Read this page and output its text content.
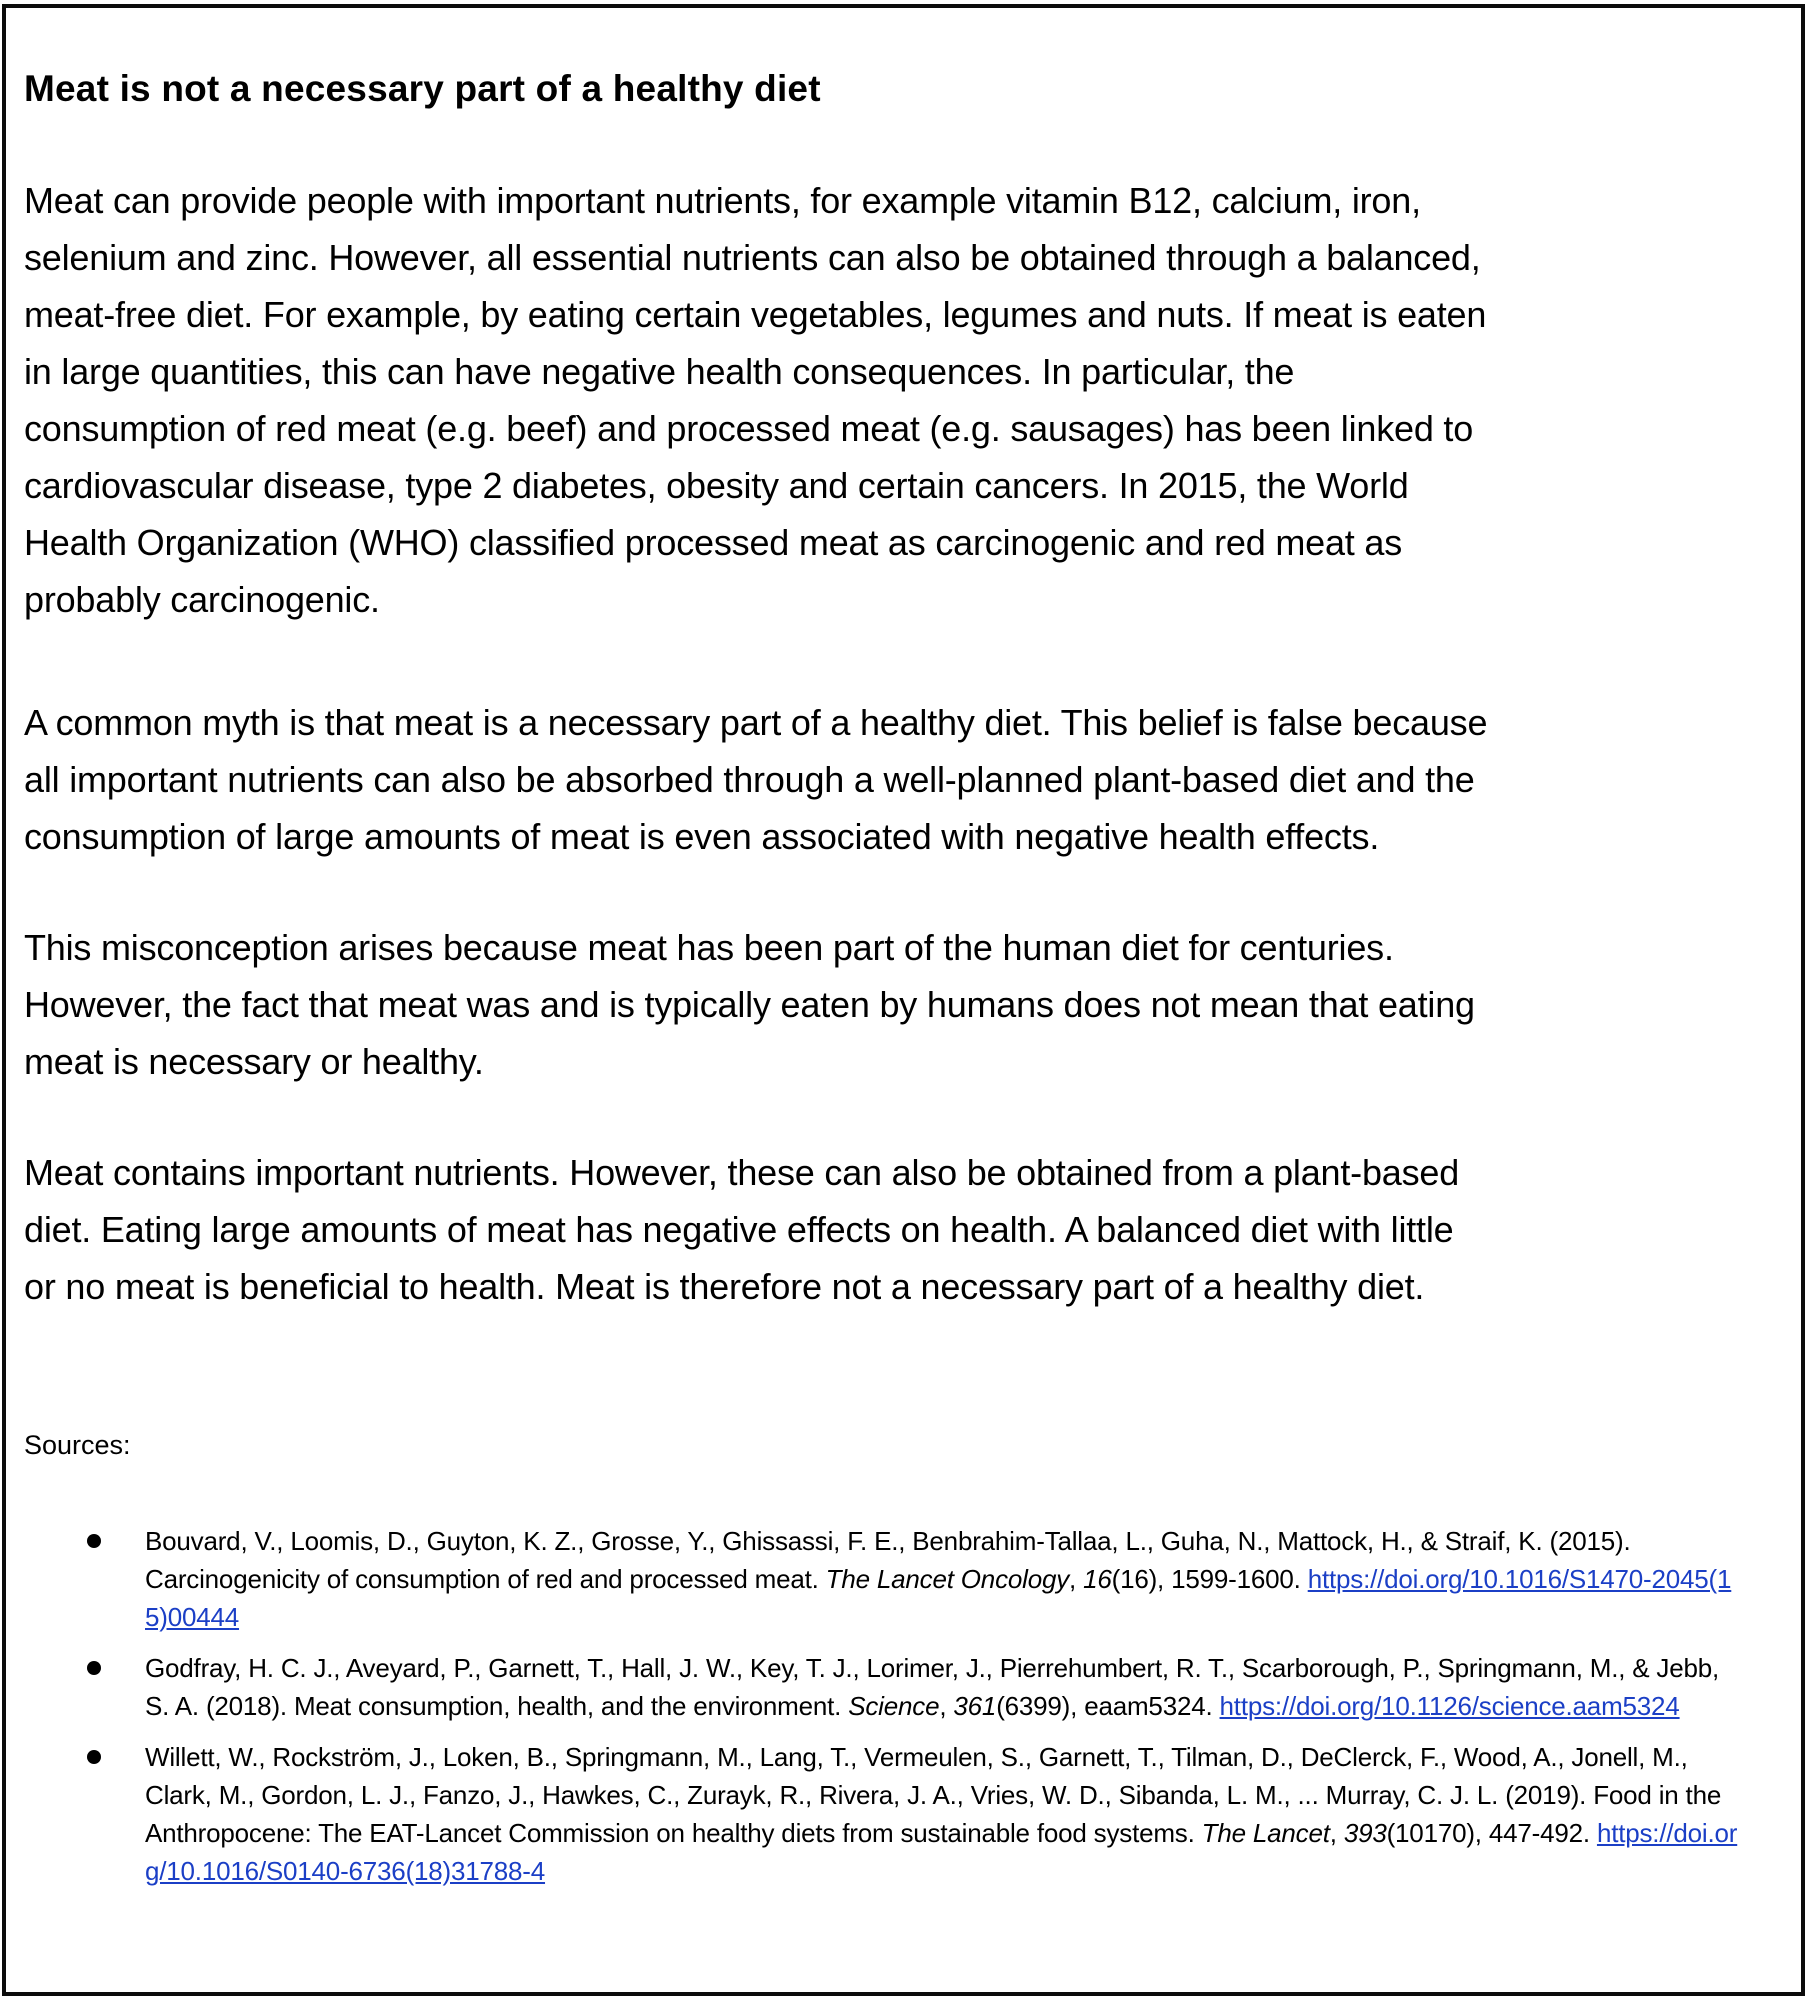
Meat is not a necessary part of a healthy diet
Meat can provide people with important nutrients, for example vitamin B12, calcium, iron,
selenium and zinc. However, all essential nutrients can also be obtained through a balanced,
meat-free diet. For example, by eating certain vegetables, legumes and nuts. If meat is eaten
in large quantities, this can have negative health consequences. In particular, the
consumption of red meat (e.g. beef) and processed meat (e.g. sausages) has been linked to
cardiovascular disease, type 2 diabetes, obesity and certain cancers. In 2015, the World
Health Organization (WHO) classified processed meat as carcinogenic and red meat as
probably carcinogenic.
A common myth is that meat is a necessary part of a healthy diet. This belief is false because
all important nutrients can also be absorbed through a well-planned plant-based diet and the
consumption of large amounts of meat is even associated with negative health effects.
This misconception arises because meat has been part of the human diet for centuries.
However, the fact that meat was and is typically eaten by humans does not mean that eating
meat is necessary or healthy.
Meat contains important nutrients. However, these can also be obtained from a plant-based
diet. Eating large amounts of meat has negative effects on health. A balanced diet with little
or no meat is beneficial to health. Meat is therefore not a necessary part of a healthy diet.
Sources:
Bouvard, V., Loomis, D., Guyton, K. Z., Grosse, Y., Ghissassi, F. E., Benbrahim-Tallaa, L., Guha, N., Mattock, H., & Straif, K. (2015). Carcinogenicity of consumption of red and processed meat. The Lancet Oncology, 16(16), 1599-1600. https://doi.org/10.1016/S1470-2045(15)00444
Godfray, H. C. J., Aveyard, P., Garnett, T., Hall, J. W., Key, T. J., Lorimer, J., Pierrehumbert, R. T., Scarborough, P., Springmann, M., & Jebb, S. A. (2018). Meat consumption, health, and the environment. Science, 361(6399), eaam5324. https://doi.org/10.1126/science.aam5324
Willett, W., Rockström, J., Loken, B., Springmann, M., Lang, T., Vermeulen, S., Garnett, T., Tilman, D., DeClerck, F., Wood, A., Jonell, M., Clark, M., Gordon, L. J., Fanzo, J., Hawkes, C., Zurayk, R., Rivera, J. A., Vries, W. D., Sibanda, L. M., ... Murray, C. J. L. (2019). Food in the Anthropocene: The EAT-Lancet Commission on healthy diets from sustainable food systems. The Lancet, 393(10170), 447-492. https://doi.org/10.1016/S0140-6736(18)31788-4
